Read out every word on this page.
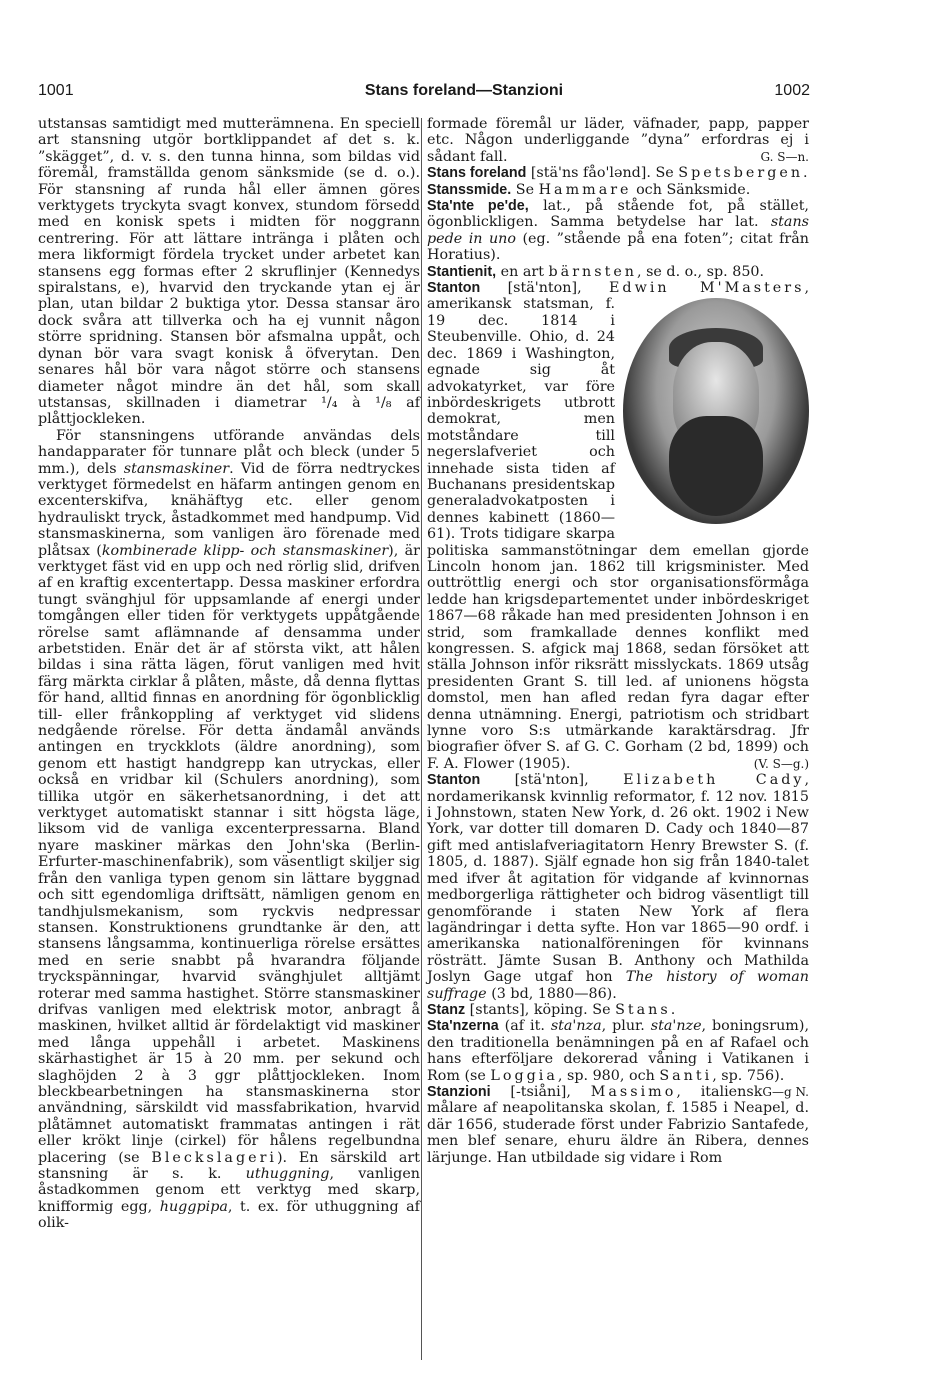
1001	Stans foreland—Stanzioni	1002

utstansas samtidigt med mutterämnena. En speciell art stansning utgör bortklippandet af det s. k. ”skägget”, d. v. s. den tunna hinna, som bildas vid föremål, framställda genom sänksmide (se d. o.). För stansning af runda hål eller ämnen göres verktygets tryckyta svagt konvex, stundom försedd med en konisk spets i midten för noggrann centrering. För att lättare intränga i plåten och mera likformigt fördela trycket under arbetet kan stansens egg formas efter 2 skruflinjer (Kennedys spiralstans, e), hvarvid den tryckande ytan ej är plan, utan bildar 2 buktiga ytor. Dessa stansar äro dock svåra att tillverka och ha ej vunnit någon större spridning. Stansen bör afsmalna uppåt, och dynan bör vara svagt konisk å öfverytan. Den senares hål bör vara något större och stansens diameter något mindre än det hål, som skall utstansas, skillnaden i diametrar ¹/₄ à ¹/₈ af plåttjockleken.

För stansningens utförande användas dels handapparater för tunnare plåt och bleck (under 5 mm.), dels stansmaskiner. Vid de förra nedtryckes verktyget förmedelst en häfarm antingen genom en excenterskifva, knähäftyg etc. eller genom hydrauliskt tryck, åstadkommet med handpump. Vid stansmaskinerna, som vanligen äro förenade med plåtsax (kombinerade klipp- och stansmaskiner), är verktyget fäst vid en upp och ned rörlig slid, drifven af en kraftig excentertapp. Dessa maskiner erfordra tungt svänghjul för uppsamlande af energi under tomgången eller tiden för verktygets uppåtgående rörelse samt aflämnande af densamma under arbetstiden. Enär det är af största vikt, att hålen bildas i sina rätta lägen, förut vanligen med hvit färg märkta cirklar å plåten, måste, då denna flyttas för hand, alltid finnas en anordning för ögonblicklig till- eller frånkoppling af verktyget vid slidens nedgående rörelse. För detta ändamål används antingen en tryckklots (äldre anordning), som genom ett hastigt handgrepp kan utryckas, eller också en vridbar kil (Schulers anordning), som tillika utgör en säkerhetsanordning, i det att verktyget automatiskt stannar i sitt högsta läge, liksom vid de vanliga excenterpressarna. Bland nyare maskiner märkas den John'ska (Berlin-Erfurter-maschinenfabrik), som väsentligt skiljer sig från den vanliga typen genom sin lättare byggnad och sitt egendomliga driftsätt, nämligen genom en tandhjulsmekanism, som ryckvis nedpressar stansen. Konstruktionens grundtanke är den, att stansens långsamma, kontinuerliga rörelse ersättes med en serie snabbt på hvarandra följande tryckspänningar, hvarvid svänghjulet alltjämt roterar med samma hastighet. Större stansmaskiner drifvas vanligen med elektrisk motor, anbragt å maskinen, hvilket alltid är fördelaktigt vid maskiner med långa uppehåll i arbetet. Maskinens skärhastighet är 15 à 20 mm. per sekund och slaghöjden 2 à 3 ggr plåttjockleken. Inom bleckbearbetningen ha stansmaskinerna stor användning, särskildt vid massfabrikation, hvarvid plåtämnet automatiskt frammatas antingen i rät eller krökt linje (cirkel) för hålens regelbundna placering (se Bleckslageri). En särskild art stansning är s. k. uthuggning, vanligen åstadkommen genom ett verktyg med skarp, knifformig egg, huggpipa, t. ex. för uthuggning af olik-

formade föremål ur läder, väfnader, papp, papper etc. Någon underliggande ”dyna” erfordras ej i sådant fall.	G. S—n.

Stans foreland [stä'ns fåo'lənd]. Se Spetsbergen.

Stanssmide. Se Hammare och Sänksmide.

Sta'nte pe'de, lat., på stående fot, på stället, ögonblickligen. Samma betydelse har lat. stans pede in uno (eg. ”stående på ena foten”; citat från Horatius).

Stantienit, en art bärnsten, se d. o., sp. 850.

Stanton [stä'nton], Edwin M'Masters
, amerikansk statsman, f. 19 dec. 1814 i Steubenville. Ohio, d. 24 dec. 1869 i Washington, egnade sig åt advokatyrket, var före inbördeskrigets utbrott demokrat, men motståndare till negerslafveriet och innehade sista tiden af Buchanans presidentskap generaladvokatposten i dennes kabinett (1860—61). Trots tidigare skarpa politiska sammanstötningar dem emellan gjorde Lincoln honom jan. 1862 till krigsminister. Med outtröttlig energi och stor organisationsförmåga ledde han krigsdepartementet under inbördeskriget 1867—68 råkade han med presidenten Johnson i en strid, som framkallade dennes konflikt med kongressen. S. afgick maj 1868, sedan försöket att ställa Johnson inför riksrätt misslyckats. 1869 utsåg presidenten Grant S. till led. af unionens högsta domstol, men han afled redan fyra dagar efter denna utnämning. Energi, patriotism och stridbart lynne voro S:s utmärkande karaktärsdrag. Jfr biografier öfver S. af G. C. Gorham (2 bd, 1899) och F. A. Flower (1905).	(V. S—g.)

Stanton [stä'nton], Elizabeth Cady, nordamerikansk kvinnlig reformator, f. 12 nov. 1815 i Johnstown, staten New York, d. 26 okt. 1902 i New York, var dotter till domaren D. Cady och 1840—87 gift med antislafveriagitatorn Henry Brewster S. (f. 1805, d. 1887). Själf egnade hon sig från 1840-talet med ifver åt agitation för vidgande af kvinnornas medborgerliga rättigheter och bidrog väsentligt till genomförande i staten New York af flera lagändringar i detta syfte. Hon var 1865—90 ordf. i amerikanska nationalföreningen för kvinnans rösträtt. Jämte Susan B. Anthony och Mathilda Joslyn Gage utgaf hon The history of woman suffrage (3 bd, 1880—86).

Stanz [stants], köping. Se Stans.

Sta'nzerna (af it. sta'nza, plur. sta'nze, boningsrum), den traditionella benämningen på en af Rafael och hans efterföljare dekorerad våning i Vatikanen i Rom (se Loggia, sp. 980, och Santi, sp. 756).
G—g N.

Stanzioni [-tsiåni], Massimo, italiensk målare af neapolitanska skolan, f. 1585 i Neapel, d. där 1656, studerade först under Fabrizio Santafede, men blef senare, ehuru äldre än Ribera, dennes lärjunge. Han utbildade sig vidare i Rom
